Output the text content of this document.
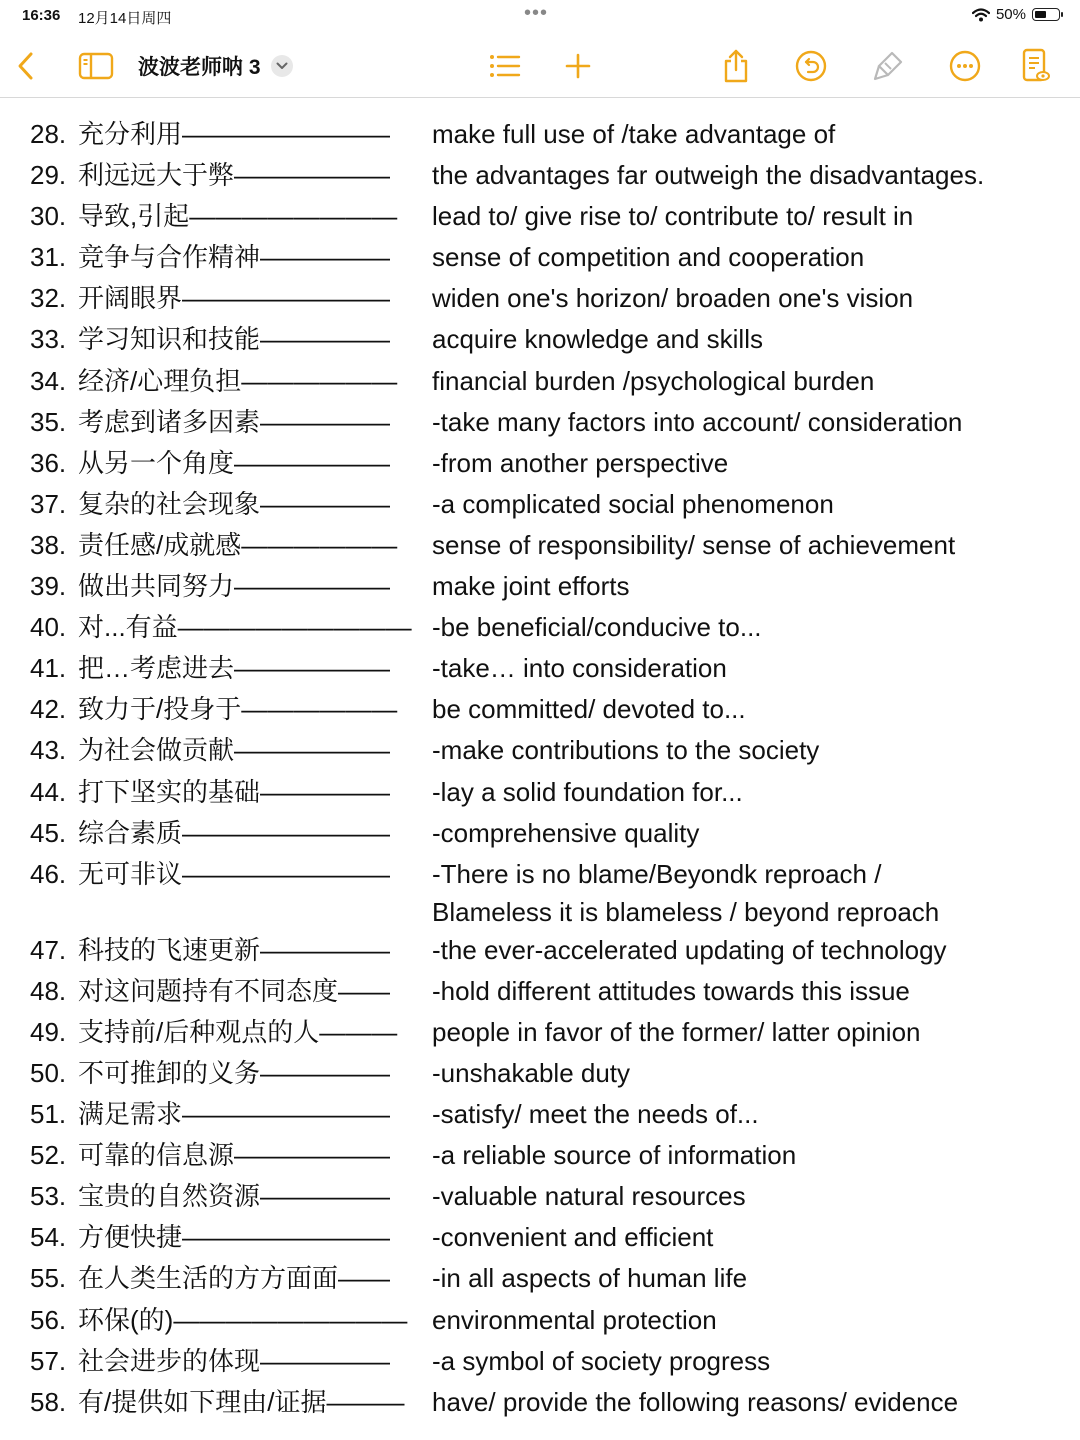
16:36 12月14日周四	•••	50%
波波老师呐 3
28. 充分利用———————— make full use of /take advantage of
29. 利远远大于弊—————— the advantages far outweigh the disadvantages.
30. 导致,引起———————— lead to/ give rise to/ contribute to/ result in
31. 竞争与合作精神————— sense of competition and cooperation
32. 开阔眼界———————— widen one's horizon/ broaden one's vision
33. 学习知识和技能————— acquire knowledge and skills
34. 经济/心理负担—————— financial burden /psychological burden
35. 考虑到诸多因素————— -take many factors into account/ consideration
36. 从另一个角度—————— -from another perspective
37. 复杂的社会现象————— -a complicated social phenomenon
38. 责任感/成就感—————— sense of responsibility/ sense of achievement
39. 做出共同努力—————— make joint efforts
40. 对...有益————————— -be beneficial/conducive to...
41. 把…考虑进去—————— -take… into consideration
42. 致力于/投身于—————— be committed/ devoted to...
43. 为社会做贡献—————— -make contributions to the society
44. 打下坚实的基础————— -lay a solid foundation for...
45. 综合素质———————— -comprehensive quality
46. 无可非议———————— -There is no blame/Beyondk reproach /
Blameless it is blameless / beyond reproach
47. 科技的飞速更新————— -the ever-accelerated updating of technology
48. 对这问题持有不同态度—— -hold different attitudes towards this issue
49. 支持前/后种观点的人——— people in favor of the former/ latter opinion
50. 不可推卸的义务————— -unshakable duty
51. 满足需求———————— -satisfy/ meet the needs of...
52. 可靠的信息源—————— -a reliable source of information
53. 宝贵的自然资源————— -valuable natural resources
54. 方便快捷———————— -convenient and efficient
55. 在人类生活的方方面面—— -in all aspects of human life
56. 环保(的)————————— environmental protection
57. 社会进步的体现————— -a symbol of society progress
58. 有/提供如下理由/证据——— have/ provide the following reasons/ evidence
